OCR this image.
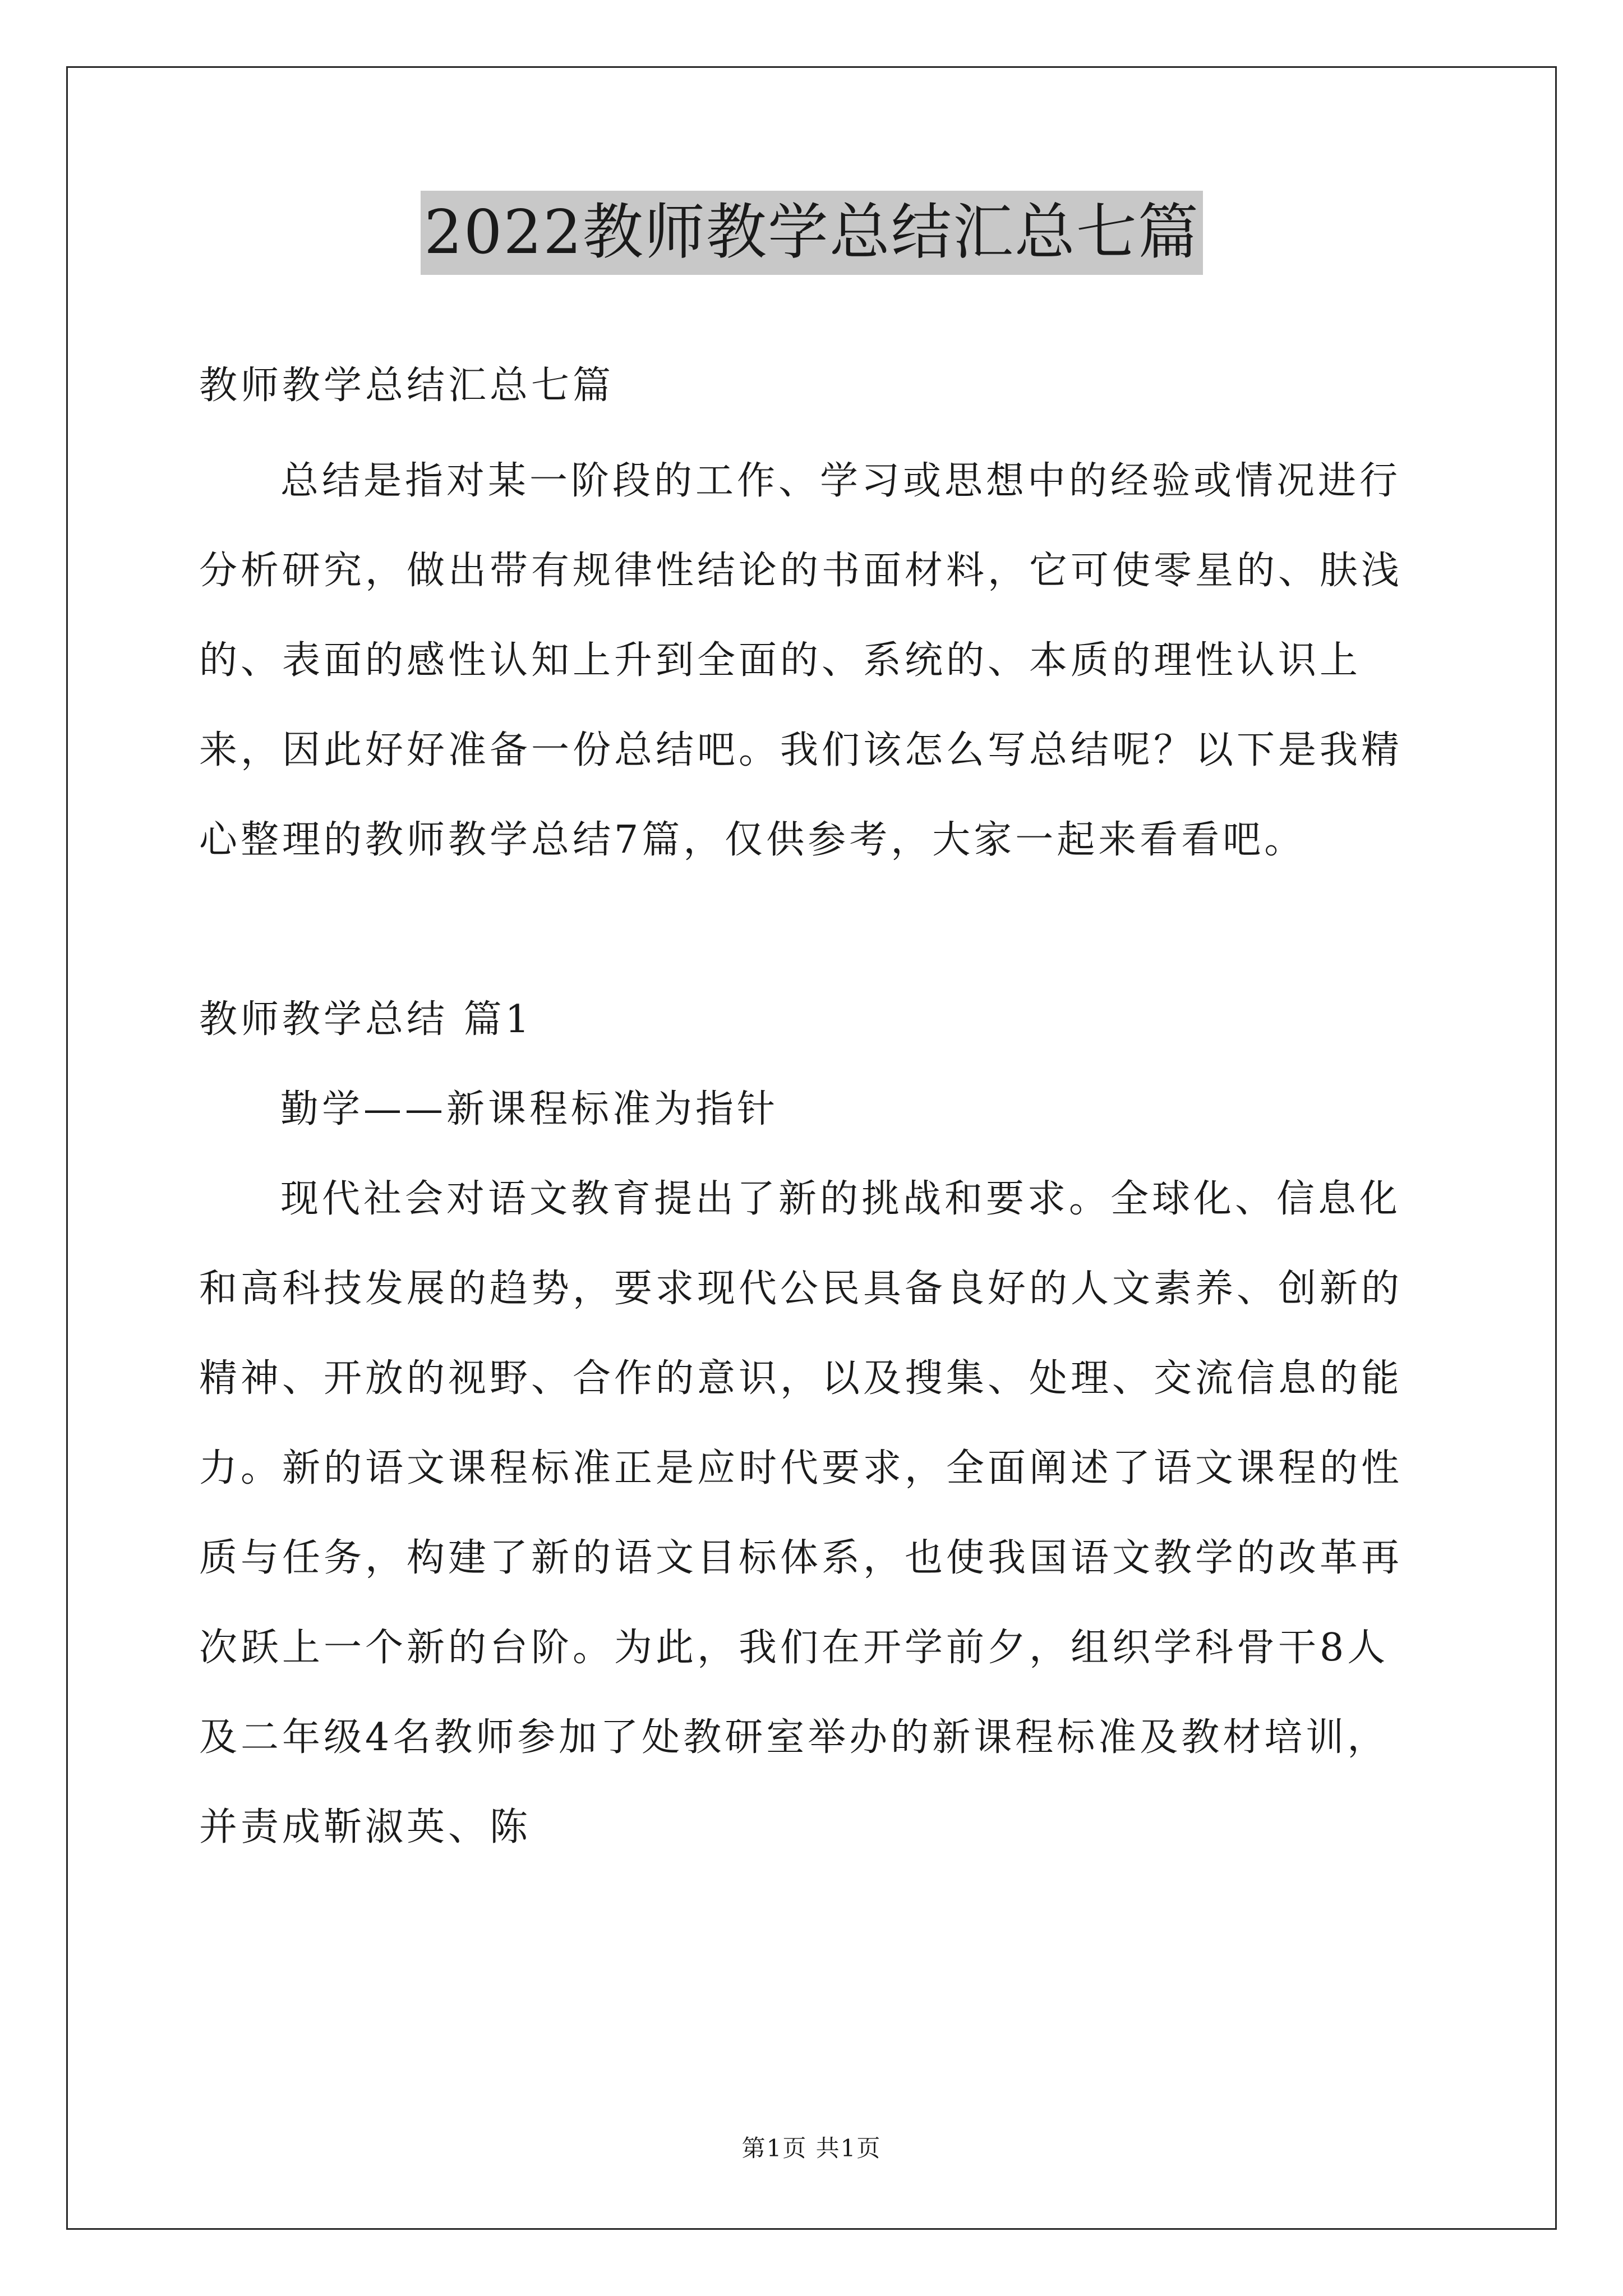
2022教师教学总结汇总七篇
教师教学总结汇总七篇

总结是指对某一阶段的工作、学习或思想中的经验或情况进行分析研究，做出带有规律性结论的书面材料，它可使零星的、肤浅的、表面的感性认知上升到全面的、系统的、本质的理性认识上来，因此好好准备一份总结吧。我们该怎么写总结呢？以下是我精心整理的教师教学总结7篇，仅供参考，大家一起来看看吧。

教师教学总结 篇1
勤学——新课程标准为指针

现代社会对语文教育提出了新的挑战和要求。全球化、信息化和高科技发展的趋势，要求现代公民具备良好的人文素养、创新的精神、开放的视野、合作的意识，以及搜集、处理、交流信息的能力。新的语文课程标准正是应时代要求，全面阐述了语文课程的性质与任务，构建了新的语文目标体系，也使我国语文教学的改革再次跃上一个新的台阶。为此，我们在开学前夕，组织学科骨干8人及二年级4名教师参加了处教研室举办的新课程标准及教材培训，并责成靳淑英、陈

第1页 共1页
